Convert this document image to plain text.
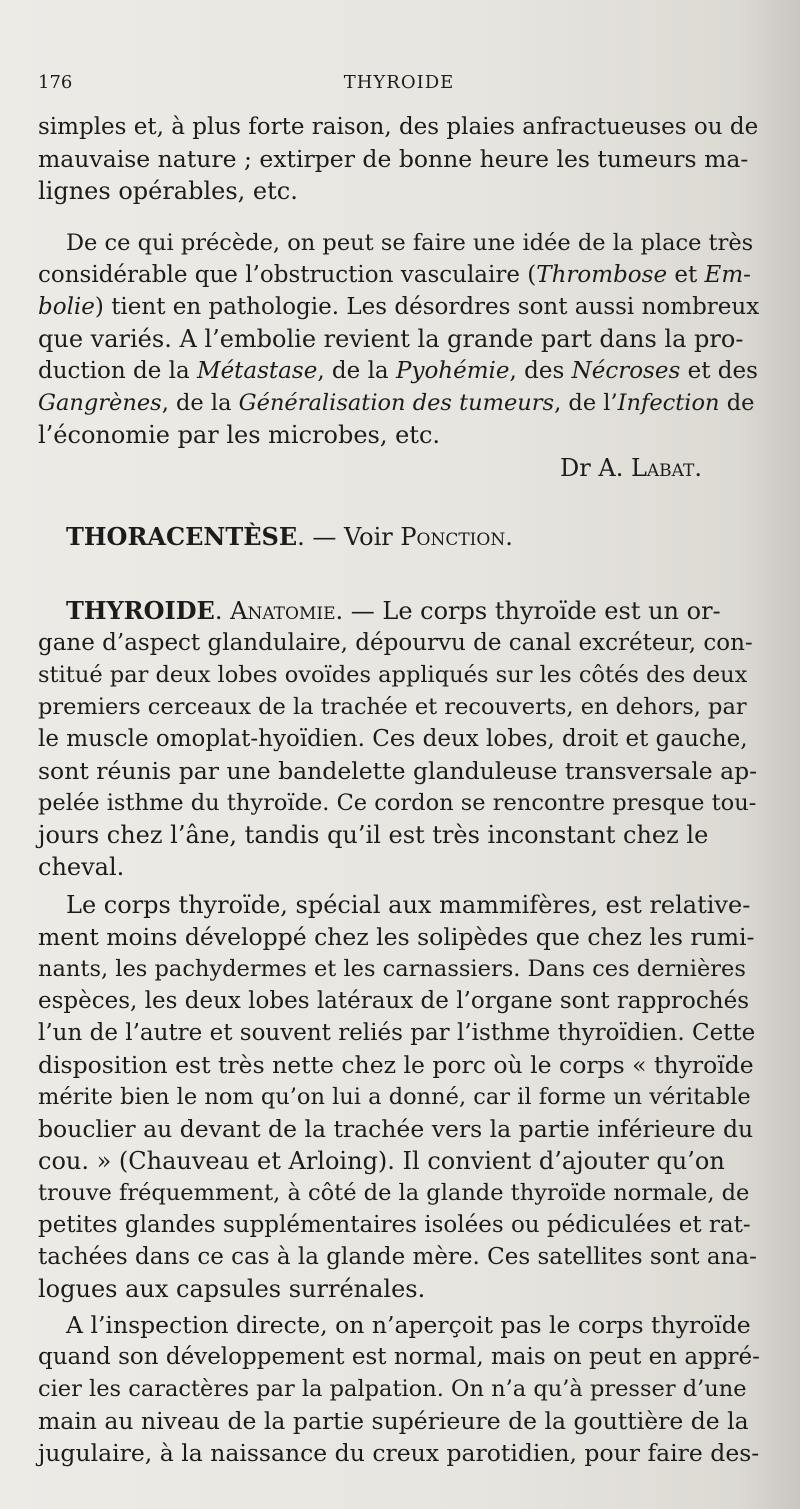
176	THYROIDE
simples et, à plus forte raison, des plaies anfractueuses ou de
mauvaise nature ; extirper de bonne heure les tumeurs ma-
lignes opérables, etc.
De ce qui précède, on peut se faire une idée de la place très
considérable que l’obstruction vasculaire (Thrombose et Em-
bolie) tient en pathologie. Les désordres sont aussi nombreux
que variés. A l’embolie revient la grande part dans la pro-
duction de la Métastase, de la Pyohémie, des Nécroses et des
Gangrènes, de la Généralisation des tumeurs, de l’Infection de
l’économie par les microbes, etc.
Dr A. Labat.
THORACENTÈSE. — Voir Ponction.
THYROIDE. Anatomie. — Le corps thyroïde est un or-
gane d’aspect glandulaire, dépourvu de canal excréteur, con-
stitué par deux lobes ovoïdes appliqués sur les côtés des deux
premiers cerceaux de la trachée et recouverts, en dehors, par
le muscle omoplat-hyoïdien. Ces deux lobes, droit et gauche,
sont réunis par une bandelette glanduleuse transversale ap-
pelée isthme du thyroïde. Ce cordon se rencontre presque tou-
jours chez l’âne, tandis qu’il est très inconstant chez le
cheval.
Le corps thyroïde, spécial aux mammifères, est relative-
ment moins développé chez les solipèdes que chez les rumi-
nants, les pachydermes et les carnassiers. Dans ces dernières
espèces, les deux lobes latéraux de l’organe sont rapprochés
l’un de l’autre et souvent reliés par l’isthme thyroïdien. Cette
disposition est très nette chez le porc où le corps « thyroïde
mérite bien le nom qu’on lui a donné, car il forme un véritable
bouclier au devant de la trachée vers la partie inférieure du
cou. » (Chauveau et Arloing). Il convient d’ajouter qu’on
trouve fréquemment, à côté de la glande thyroïde normale, de
petites glandes supplémentaires isolées ou pédiculées et rat-
tachées dans ce cas à la glande mère. Ces satellites sont ana-
logues aux capsules surrénales.
A l’inspection directe, on n’aperçoit pas le corps thyroïde
quand son développement est normal, mais on peut en appré-
cier les caractères par la palpation. On n’a qu’à presser d’une
main au niveau de la partie supérieure de la gouttière de la
jugulaire, à la naissance du creux parotidien, pour faire des-
